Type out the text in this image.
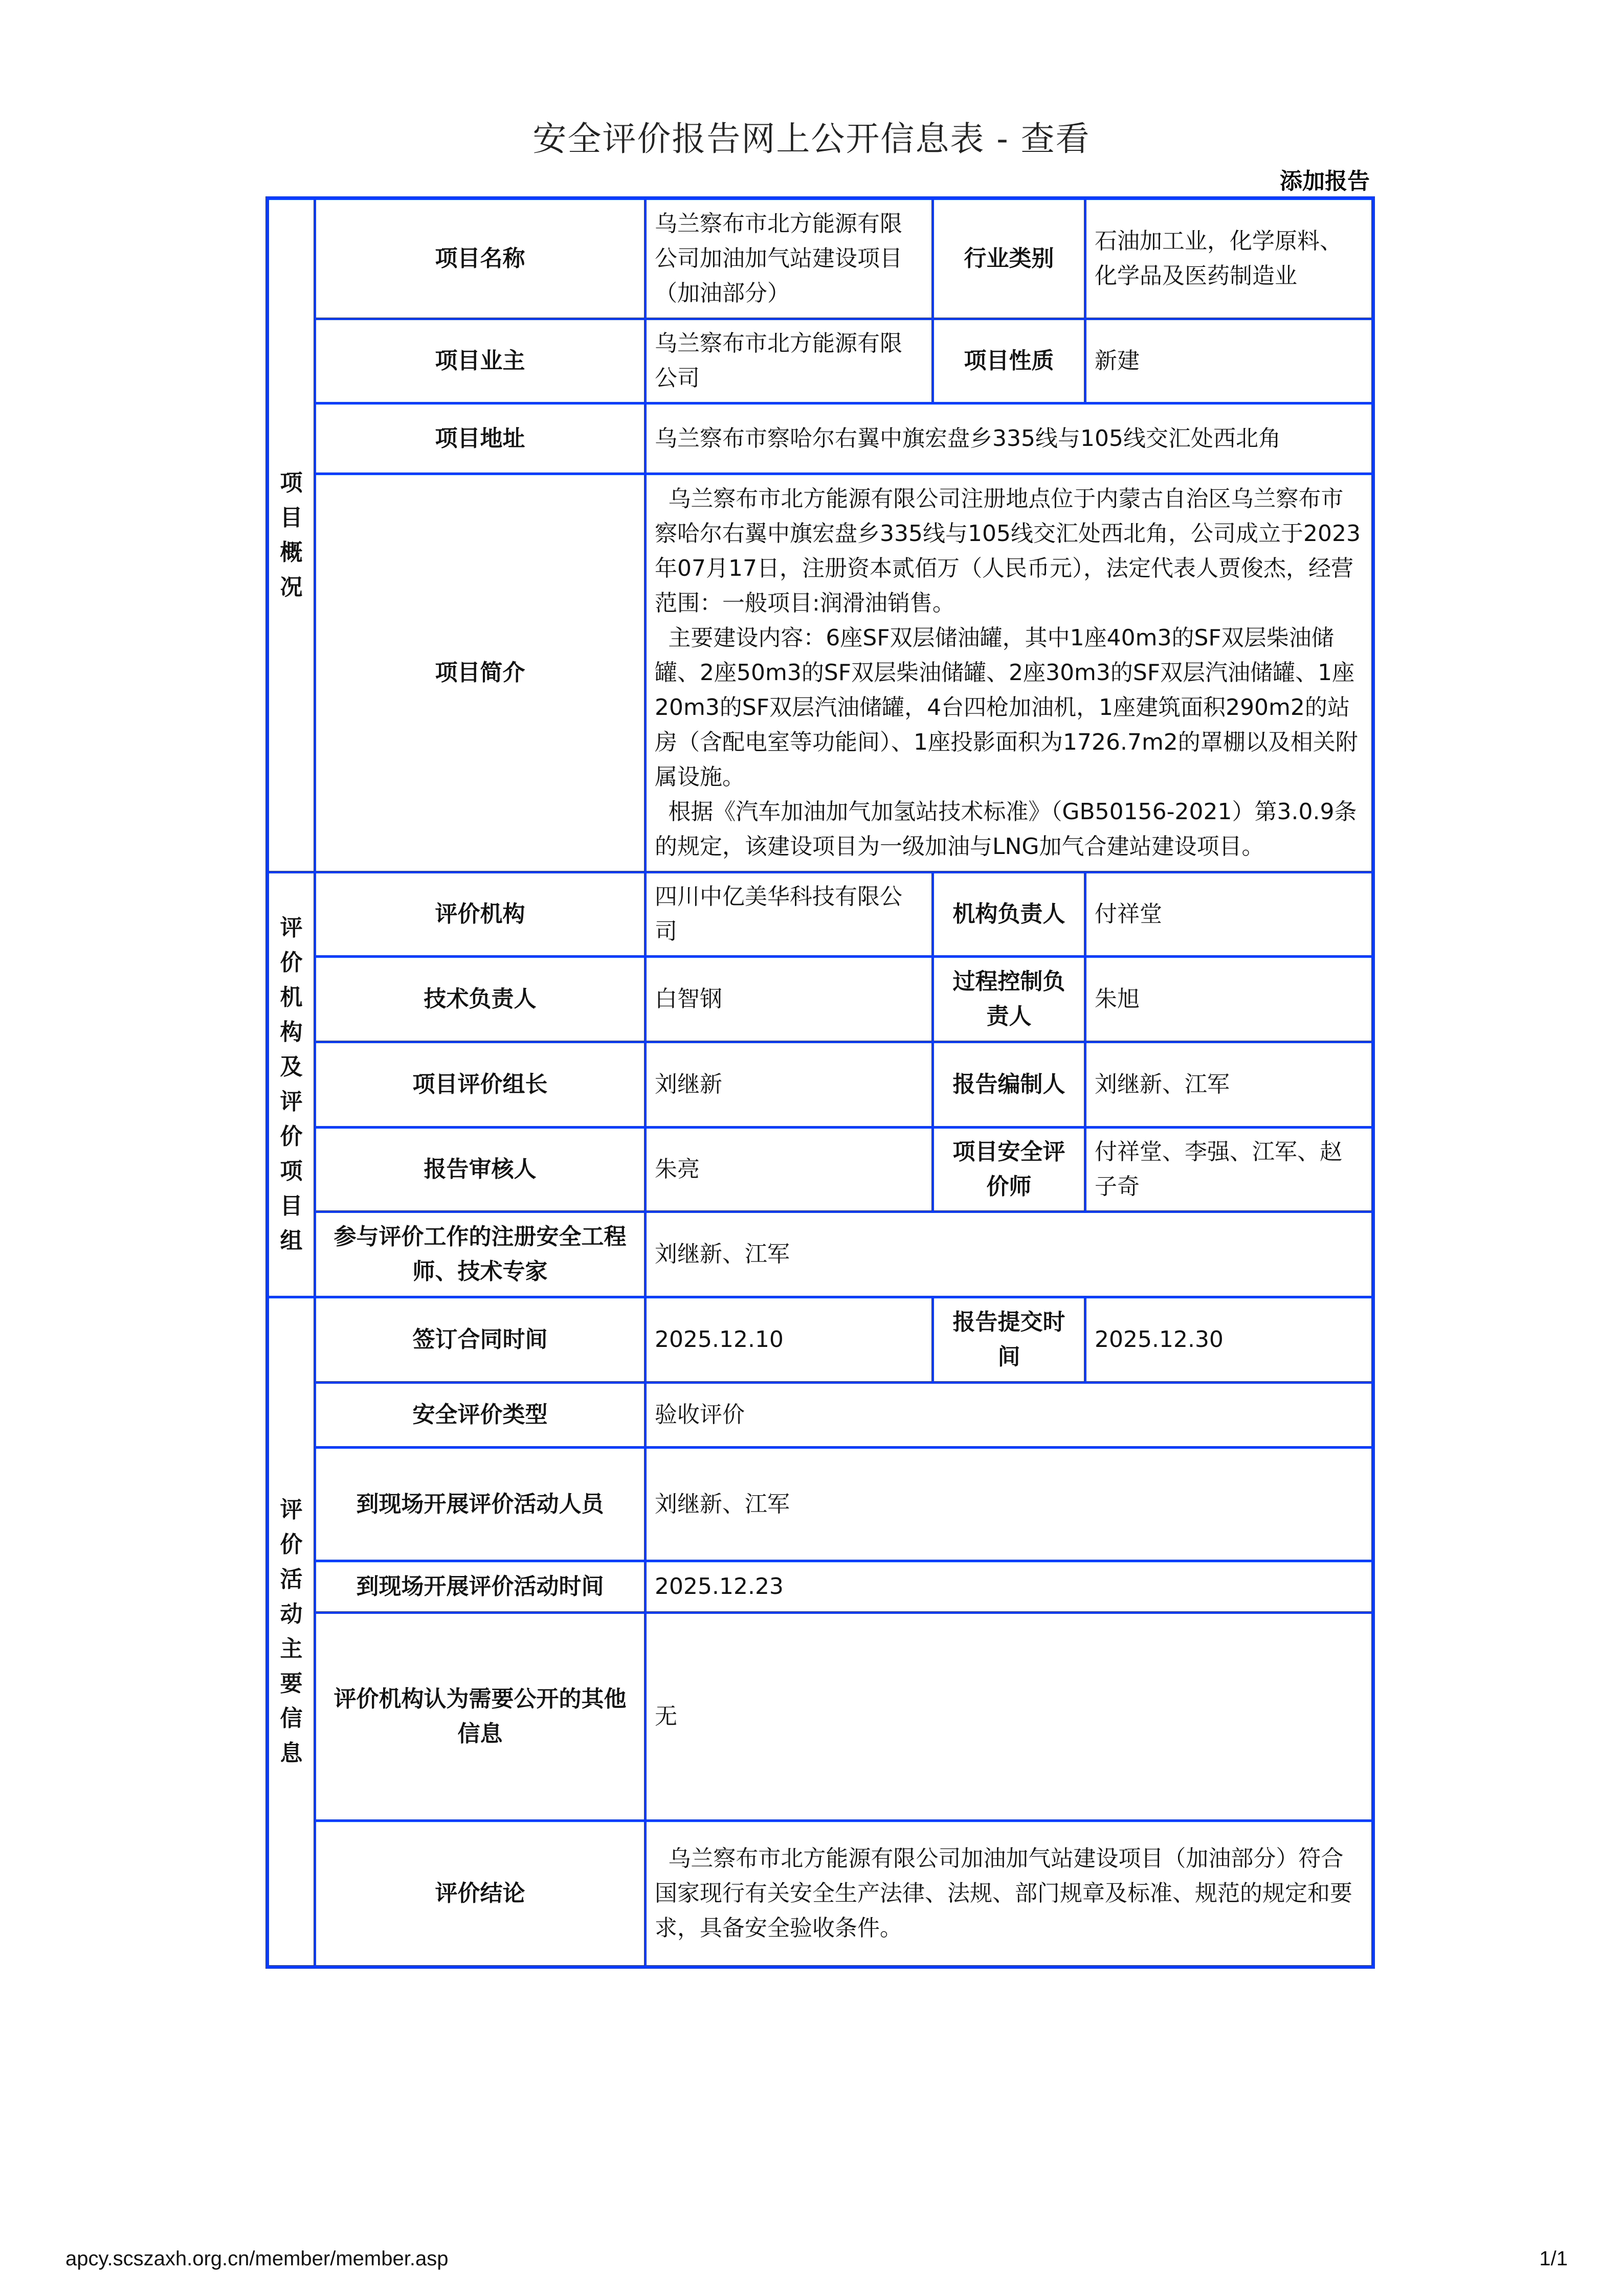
安全评价报告网上公开信息表 - 查看
添加报告
项目概况	项目名称	乌兰察布市北方能源有限公司加油加气站建设项目（加油部分）	行业类别	石油加工业，化学原料、化学品及医药制造业
	项目业主	乌兰察布市北方能源有限公司	项目性质	新建
	项目地址	乌兰察布市察哈尔右翼中旗宏盘乡335线与105线交汇处西北角		
	项目简介	乌兰察布市北方能源有限公司注册地点位于内蒙古自治区乌兰察布市察哈尔右翼中旗宏盘乡335线与105线交汇处西北角，公司成立于2023年07月17日，注册资本贰佰万（人民币元），法定代表人贾俊杰，经营范围：一般项目:润滑油销售。

主要建设内容：6座SF双层储油罐，其中1座40m3的SF双层柴油储罐、2座50m3的SF双层柴油储罐、2座30m3的SF双层汽油储罐、1座20m3的SF双层汽油储罐，4台四枪加油机，1座建筑面积290m2的站房（含配电室等功能间）、1座投影面积为1726.7m2的罩棚以及相关附属设施。

根据《汽车加油加气加氢站技术标准》（GB50156-2021）第3.0.9条的规定，该建设项目为一级加油与LNG加气合建站建设项目。		

评价机构及评价项目组	评价机构	四川中亿美华科技有限公司	机构负责人	付祥堂
	技术负责人	白智钢	过程控制负责人	朱旭
	项目评价组长	刘继新	报告编制人	刘继新、江军
	报告审核人	朱亮	项目安全评价师	付祥堂、李强、江军、赵子奇
	参与评价工作的注册安全工程师、技术专家	刘继新、江军		

评价活动主要信息	签订合同时间	2025.12.10	报告提交时间	2025.12.30
	安全评价类型	验收评价		
	到现场开展评价活动人员	刘继新、江军		
	到现场开展评价活动时间	2025.12.23		
	评价机构认为需要公开的其他信息	无		
	评价结论	乌兰察布市北方能源有限公司加油加气站建设项目（加油部分）符合国家现行有关安全生产法律、法规、部门规章及标准、规范的规定和要求，具备安全验收条件。		

apcy.scszaxh.org.cn/member/member.asp	1/1
